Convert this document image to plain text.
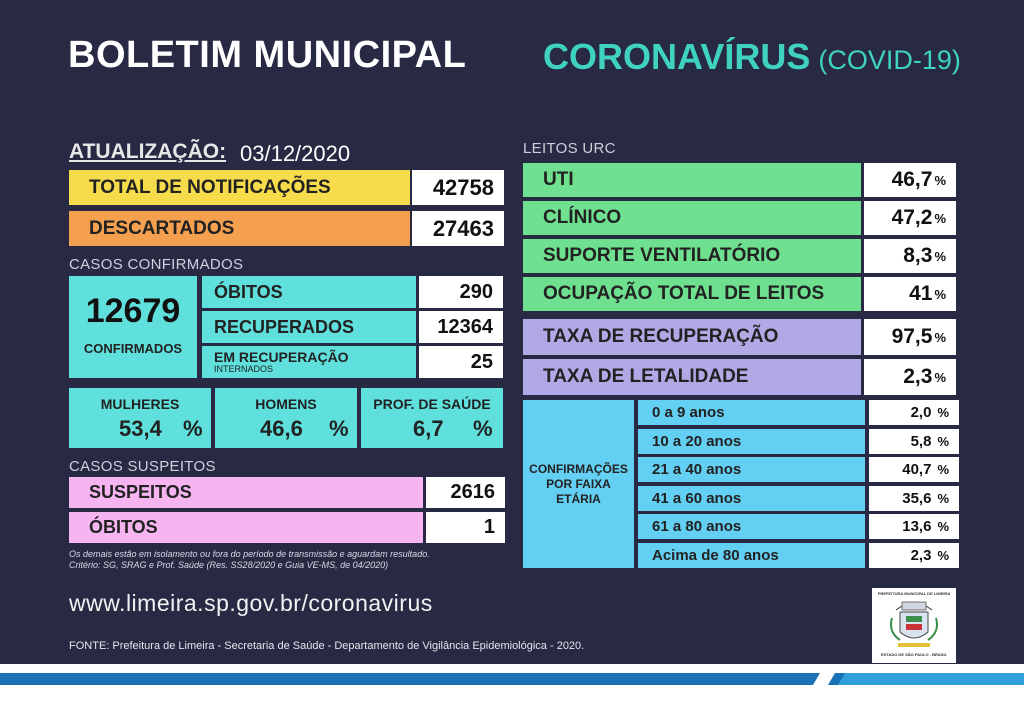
BOLETIM MUNICIPAL CORONAVÍRUS (COVID-19)
ATUALIZAÇÃO: 03/12/2020
TOTAL DE NOTIFICAÇÕES	42758
DESCARTADOS	27463
CASOS CONFIRMADOS
12679
CONFIRMADOS
ÓBITOS	290
RECUPERADOS	12364
EM RECUPERAÇÃO
INTERNADOS	25
MULHERES
53,4 %
HOMENS
46,6 %
PROF. DE SAÚDE
6,7 %
CASOS SUSPEITOS
SUSPEITOS	2616
ÓBITOS	1
Os demais estão em isolamento ou fora do período de transmissão e aguardam resultado.
Critério: SG, SRAG e Prof. Saúde (Res. SS28/2020 e Guia VE-MS, de 04/2020)
LEITOS URC
UTI	46,7 %
CLÍNICO	47,2 %
SUPORTE VENTILATÓRIO	8,3 %
OCUPAÇÃO TOTAL DE LEITOS	41 %
TAXA DE RECUPERAÇÃO	97,5 %
TAXA DE LETALIDADE	2,3 %
CONFIRMAÇÕES POR FAIXA ETÁRIA
0 a 9 anos	2,0 %
10 a 20 anos	5,8 %
21 a 40 anos	40,7 %
41 a 60 anos	35,6 %
61 a 80 anos	13,6 %
Acima de 80 anos	2,3 %
www.limeira.sp.gov.br/coronavirus
FONTE: Prefeitura de Limeira - Secretaria de Saúde - Departamento de Vigilância Epidemiológica - 2020.
PREFEITURA MUNICIPAL DE LIMEIRA
ESTADO DE SÃO PAULO - BRASIL
